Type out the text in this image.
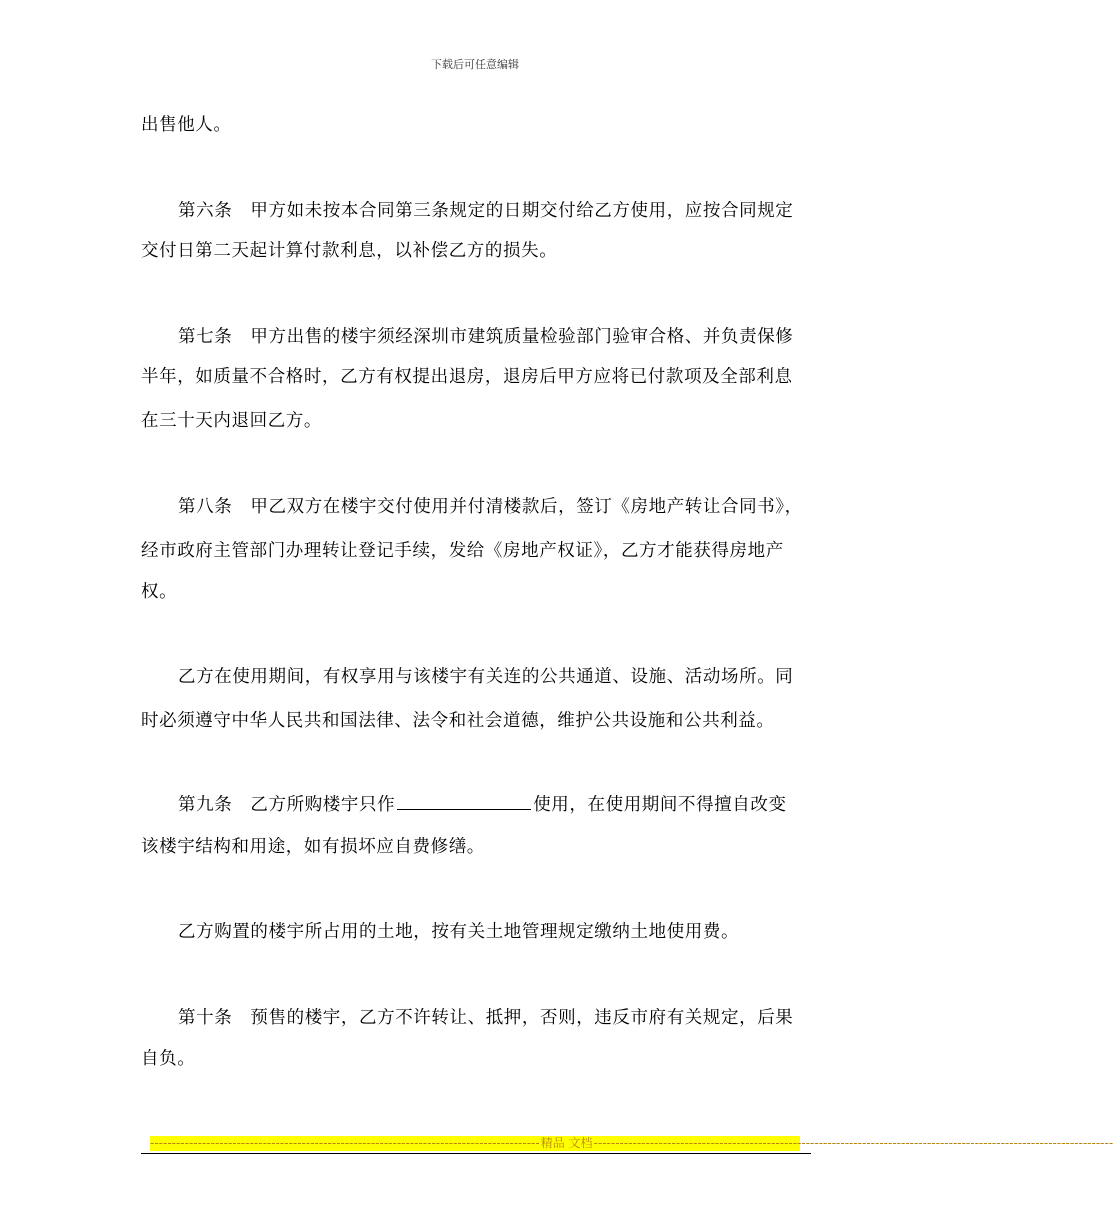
下载后可任意编辑
出售他人。
第六条　甲方如未按本合同第三条规定的日期交付给乙方使用，应按合同规定
交付日第二天起计算付款利息，以补偿乙方的损失。
第七条　甲方出售的楼宇须经深圳市建筑质量检验部门验审合格、并负责保修
半年，如质量不合格时，乙方有权提出退房，退房后甲方应将已付款项及全部利息
在三十天内退回乙方。
第八条　甲乙双方在楼宇交付使用并付清楼款后，签订《房地产转让合同书》，
经市政府主管部门办理转让登记手续，发给《房地产权证》，乙方才能获得房地产
权。
乙方在使用期间，有权享用与该楼宇有关连的公共通道、设施、活动场所。同
时必须遵守中华人民共和国法律、法令和社会道德，维护公共设施和公共利益。
第九条　乙方所购楼宇只作	使用，在使用期间不得擅自改变
该楼宇结构和用途，如有损坏应自费修缮。
乙方购置的楼宇所占用的土地，按有关土地管理规定缴纳土地使用费。
第十条　预售的楼宇，乙方不许转让、抵押，否则，违反市府有关规定，后果
自负。
------------------------------------------------------------------------------------------ 精品 文档 ------------------------------------------------------------------------------------------------------------------------
